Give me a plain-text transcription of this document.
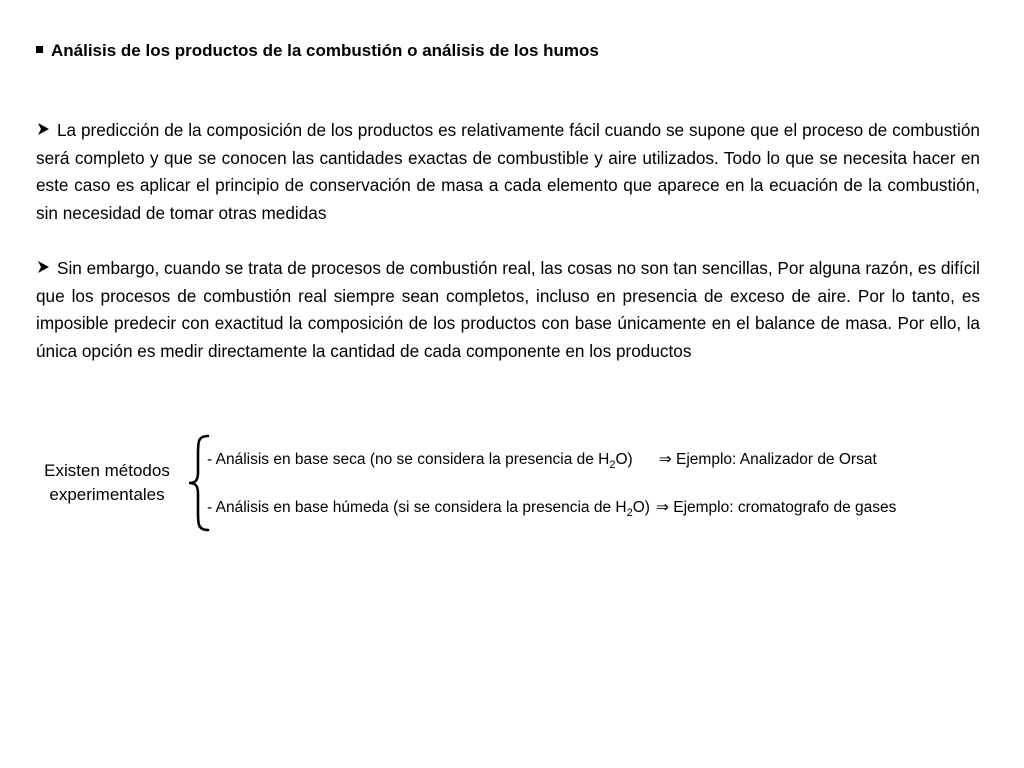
Análisis de los productos de la combustión o análisis de los humos
La predicción de la composición de los productos es relativamente fácil cuando se supone que el proceso de combustión será completo y que se conocen las cantidades exactas de combustible y aire utilizados. Todo lo que se necesita hacer en este caso es aplicar el principio de conservación de masa a cada elemento que aparece en la ecuación de la combustión, sin necesidad de tomar otras medidas
Sin embargo, cuando se trata de procesos de combustión real, las cosas no son tan sencillas, Por alguna razón, es difícil que los procesos de combustión real siempre sean completos, incluso en presencia de exceso de aire. Por lo tanto, es imposible predecir con exactitud la composición de los productos con base únicamente en el balance de masa. Por ello, la única opción es medir directamente la cantidad de cada componente en los productos
Existen métodos
experimentales
- Análisis en base seca (no se considera la presencia de $H_2O$) ⇒ Ejemplo: Analizador de Orsat
- Análisis en base húmeda (si se considera la presencia de $H_2O$) ⇒ Ejemplo: cromatografo de gases
